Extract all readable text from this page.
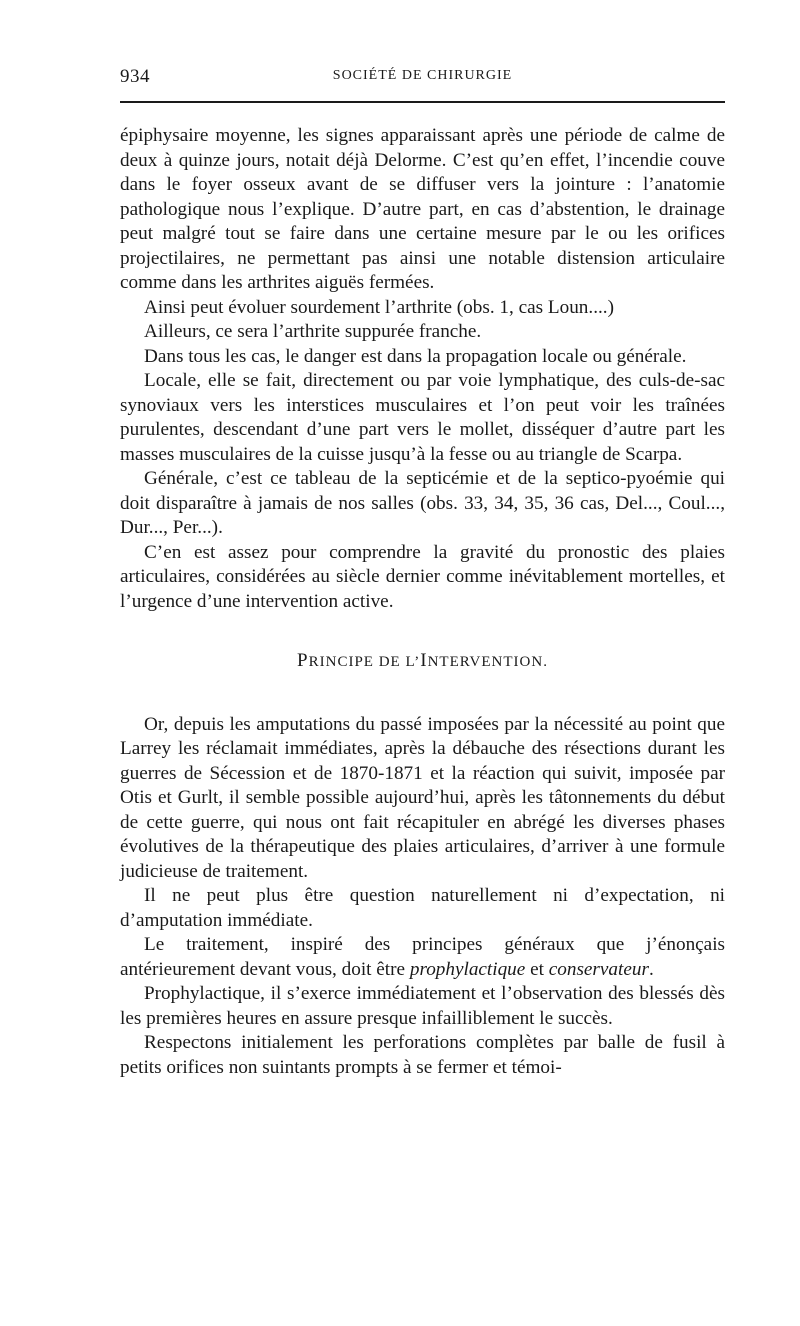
934	SOCIÉTÉ DE CHIRURGIE

épiphysaire moyenne, les signes apparaissant après une période de calme de deux à quinze jours, notait déjà Delorme. C’est qu’en effet, l’incendie couve dans le foyer osseux avant de se diffuser vers la jointure : l’anatomie pathologique nous l’explique. D’autre part, en cas d’abstention, le drainage peut malgré tout se faire dans une certaine mesure par le ou les orifices projectilaires, ne permettant pas ainsi une notable distension articulaire comme dans les arthrites aiguës fermées.

Ainsi peut évoluer sourdement l’arthrite (obs. 1, cas Loun....)

Ailleurs, ce sera l’arthrite suppurée franche.

Dans tous les cas, le danger est dans la propagation locale ou générale.

Locale, elle se fait, directement ou par voie lymphatique, des culs-de-sac synoviaux vers les interstices musculaires et l’on peut voir les traînées purulentes, descendant d’une part vers le mollet, disséquer d’autre part les masses musculaires de la cuisse jusqu’à la fesse ou au triangle de Scarpa.

Générale, c’est ce tableau de la septicémie et de la septico-pyoémie qui doit disparaître à jamais de nos salles (obs. 33, 34, 35, 36 cas, Del..., Coul..., Dur..., Per...).

C’en est assez pour comprendre la gravité du pronostic des plaies articulaires, considérées au siècle dernier comme inévitablement mortelles, et l’urgence d’une intervention active.

PRINCIPE DE L’INTERVENTION.

Or, depuis les amputations du passé imposées par la nécessité au point que Larrey les réclamait immédiates, après la débauche des résections durant les guerres de Sécession et de 1870-1871 et la réaction qui suivit, imposée par Otis et Gurlt, il semble possible aujourd’hui, après les tâtonnements du début de cette guerre, qui nous ont fait récapituler en abrégé les diverses phases évolutives de la thérapeutique des plaies articulaires, d’arriver à une formule judicieuse de traitement.

Il ne peut plus être question naturellement ni d’expectation, ni d’amputation immédiate.

Le traitement, inspiré des principes généraux que j’énonçais antérieurement devant vous, doit être prophylactique et conservateur.

Prophylactique, il s’exerce immédiatement et l’observation des blessés dès les premières heures en assure presque infailliblement le succès.

Respectons initialement les perforations complètes par balle de fusil à petits orifices non suintants prompts à se fermer et témoi-
